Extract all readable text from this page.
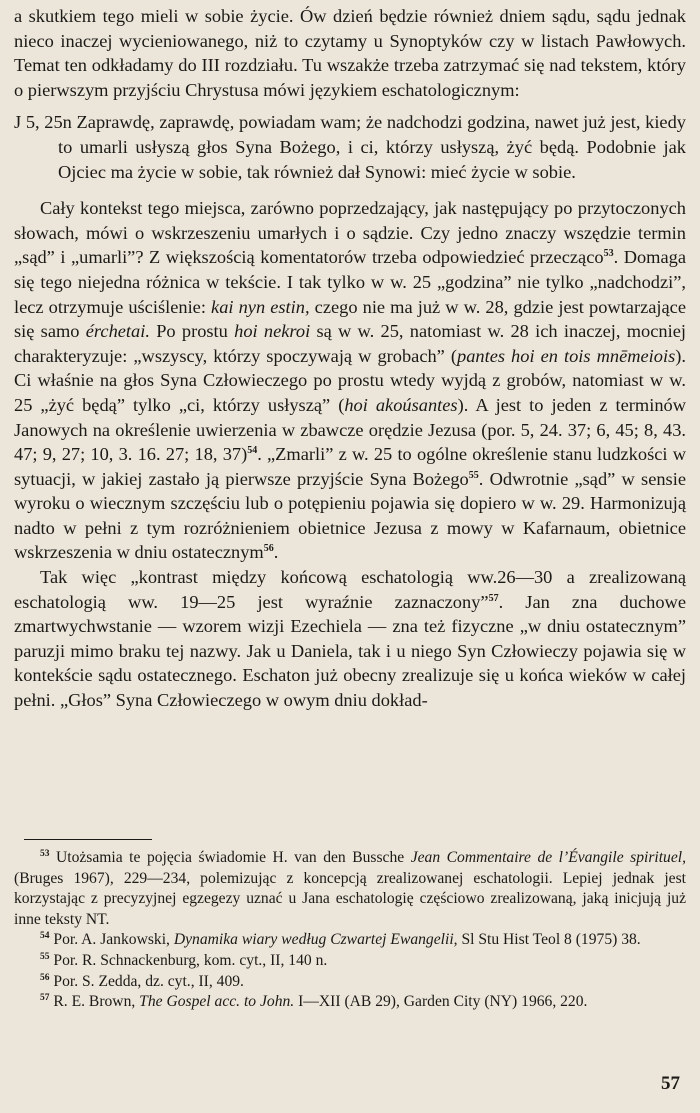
a skutkiem tego mieli w sobie życie. Ów dzień będzie również dniem sądu, sądu jednak nieco inaczej wycieniowanego, niż to czytamy u Synoptyków czy w listach Pawłowych. Temat ten odkładamy do III rozdziału. Tu wszakże trzeba zatrzymać się nad tekstem, który o pierwszym przyjściu Chrystusa mówi językiem eschatologicznym:

J 5, 25n Zaprawdę, zaprawdę, powiadam wam; że nadchodzi godzina, nawet już jest, kiedy to umarli usłyszą głos Syna Bożego, i ci, którzy usłyszą, żyć będą. Podobnie jak Ojciec ma życie w sobie, tak również dał Synowi: mieć życie w sobie.

Cały kontekst tego miejsca, zarówno poprzedzający, jak następujący po przytoczonych słowach, mówi o wskrzeszeniu umarłych i o sądzie. Czy jedno znaczy wszędzie termin „sąd” i „umarli”? Z większością komentatorów trzeba odpowiedzieć przecząco$^{53}$. Domaga się tego niejedna różnica w tekście. I tak tylko w w. 25 „godzina” nie tylko „nadchodzi”, lecz otrzymuje uściślenie: kai nyn estin, czego nie ma już w w. 28, gdzie jest powtarzające się samo érchetai. Po prostu hoi nekroi są w w. 25, natomiast w. 28 ich inaczej, mocniej charakteryzuje: „wszyscy, którzy spoczywają w grobach” (pantes hoi en tois mnēmeiois). Ci właśnie na głos Syna Człowieczego po prostu wtedy wyjdą z grobów, natomiast w w. 25 „żyć będą” tylko „ci, którzy usłyszą” (hoi akoúsantes). A jest to jeden z terminów Janowych na określenie uwierzenia w zbawcze orędzie Jezusa (por. 5, 24. 37; 6, 45; 8, 43. 47; 9, 27; 10, 3. 16. 27; 18, 37)$^{54}$. „Zmarli” z w. 25 to ogólne określenie stanu ludzkości w sytuacji, w jakiej zastało ją pierwsze przyjście Syna Bożego$^{55}$. Odwrotnie „sąd” w sensie wyroku o wiecznym szczęściu lub o potępieniu pojawia się dopiero w w. 29. Harmonizują nadto w pełni z tym rozróżnieniem obietnice Jezusa z mowy w Kafarnaum, obietnice wskrzeszenia w dniu ostatecznym$^{56}$.

Tak więc „kontrast między końcową eschatologią ww.26—30 a zrealizowaną eschatologią ww. 19—25 jest wyraźnie zaznaczony”$^{57}$. Jan zna duchowe zmartwychwstanie — wzorem wizji Ezechiela — zna też fizyczne „w dniu ostatecznym” paruzji mimo braku tej nazwy. Jak u Daniela, tak i u niego Syn Człowieczy pojawia się w kontekście sądu ostatecznego. Eschaton już obecny zrealizuje się u końca wieków w całej pełni. „Głos” Syna Człowieczego w owym dniu dokład-

$^{53}$ Utożsamia te pojęcia świadomie H. van den Bussche Jean Commentaire de l’Évangile spirituel, (Bruges 1967), 229—234, polemizując z koncepcją zrealizowanej eschatologii. Lepiej jednak jest korzystając z precyzyjnej egzegezy uznać u Jana eschatologię częściowo zrealizowaną, jaką inicjują już inne teksty NT.

$^{54}$ Por. A. Jankowski, Dynamika wiary według Czwartej Ewangelii, Sl Stu Hist Teol 8 (1975) 38.

$^{55}$ Por. R. Schnackenburg, kom. cyt., II, 140 n.

$^{56}$ Por. S. Zedda, dz. cyt., II, 409.

$^{57}$ R. E. Brown, The Gospel acc. to John. I—XII (AB 29), Garden City (NY) 1966, 220.

57
